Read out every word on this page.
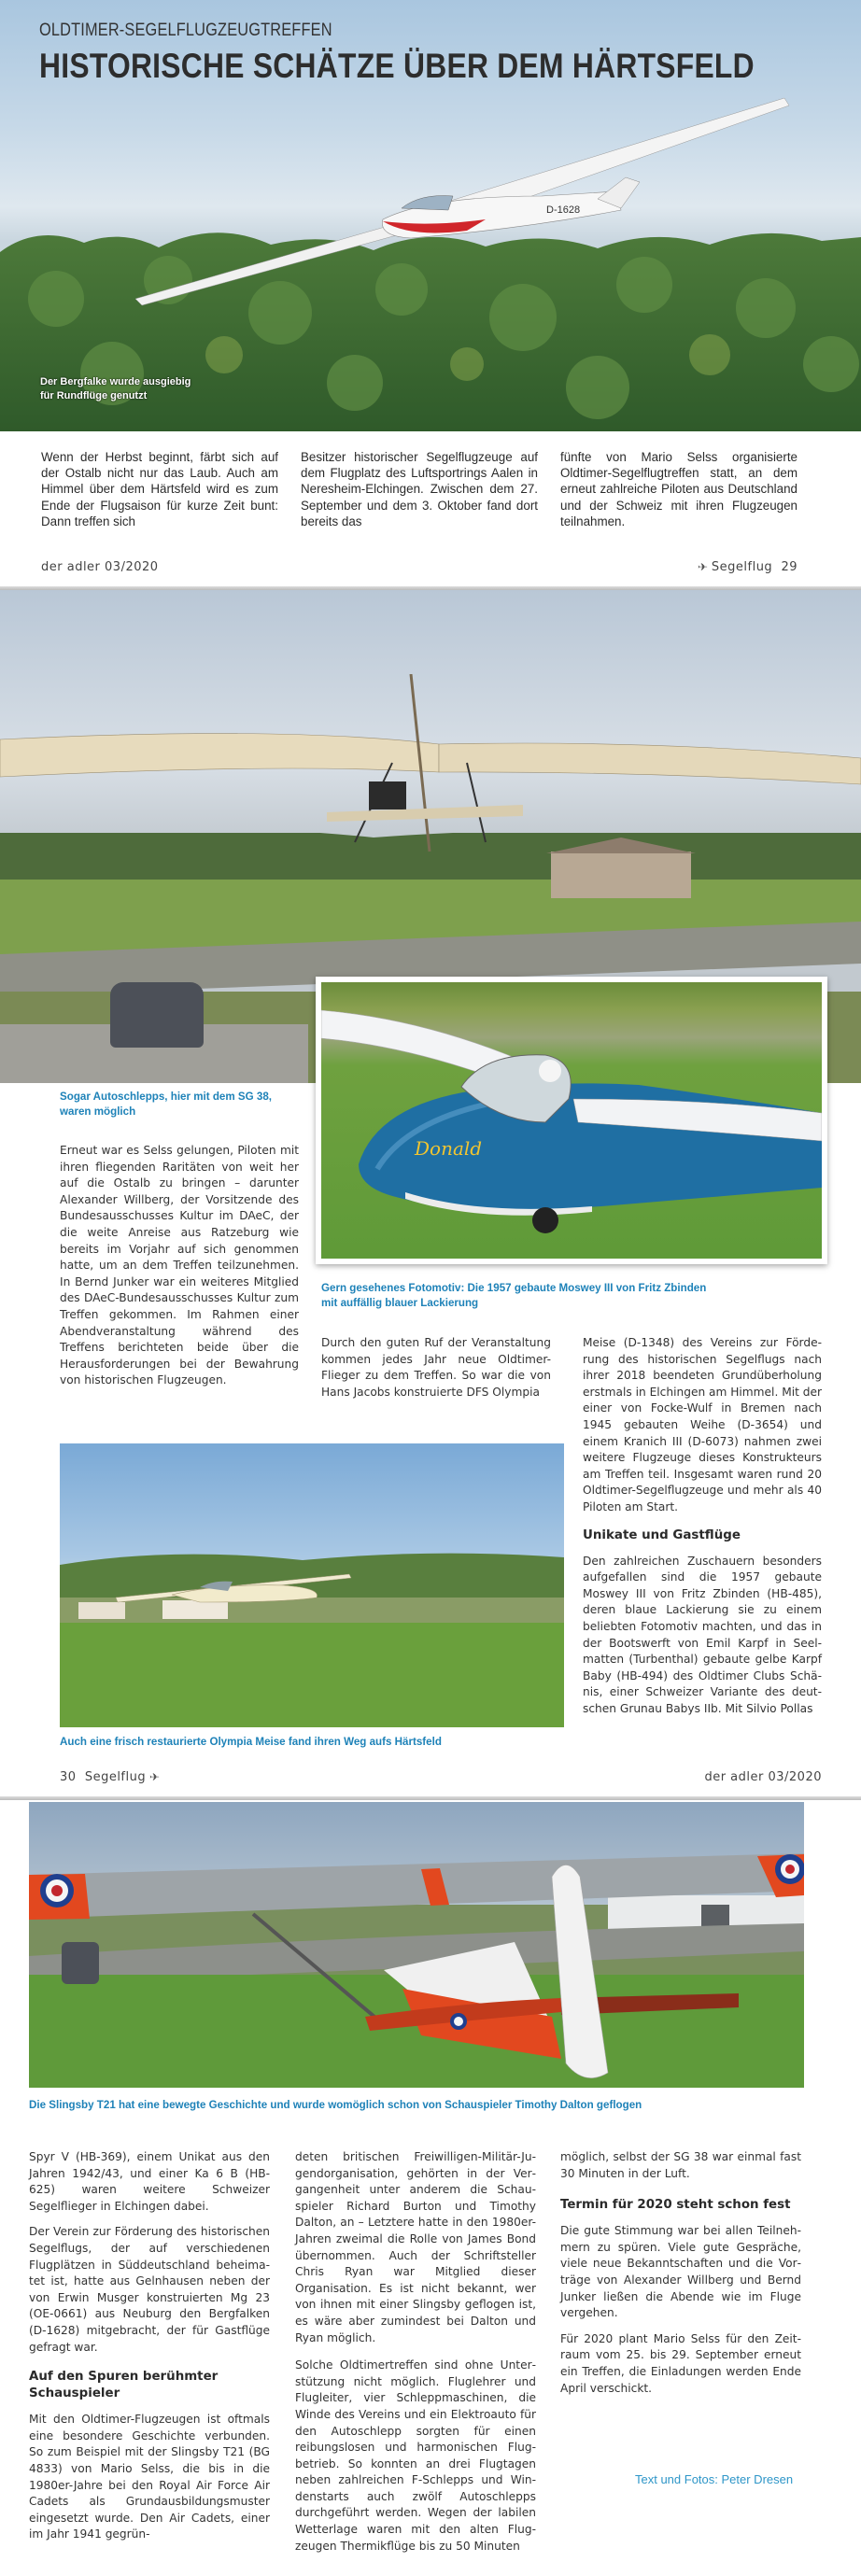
D-1628
OLDTIMER-SEGELFLUGZEUGTREFFEN
HISTORISCHE SCHÄTZE ÜBER DEM HÄRTSFELD
Der Bergfalke wurde ausgiebig
für Rundflüge genutzt
Wenn der Herbst beginnt, färbt sich auf der Ostalb nicht nur das Laub. Auch am Himmel über dem Härtsfeld wird es zum Ende der Flugsaison für kurze Zeit bunt: Dann treffen sich
Besitzer historischer Segelflugzeuge auf dem Flugplatz des Luftsportrings Aalen in Neresheim-Elchingen. Zwischen dem 27. September und dem 3. Oktober fand dort bereits das
fünfte von Mario Selss organisierte Oldtimer-Segelflugtreffen statt, an dem erneut zahlreiche Piloten aus Deutschland und der Schweiz mit ihren Flugzeugen teilnahmen.
der adler 03/2020	✈ Segelflug 29
Sogar Autoschlepps, hier mit dem SG 38,
waren möglich
Donald
Gern gesehenes Fotomotiv: Die 1957 gebaute Moswey III von Fritz Zbinden
mit auffällig blauer Lackierung
Erneut war es Selss gelungen, Piloten mit ihren fliegenden Raritäten von weit her auf die Ostalb zu bringen – darunter Alexander Willberg, der Vorsitzende des Bundesausschusses Kultur im DAeC, der die weite Anreise aus Ratzeburg wie bereits im Vorjahr auf sich genommen hatte, um an dem Treffen teilzunehmen. In Bernd Junker war ein weiteres Mitglied des DAeC-Bundesausschusses Kultur zum Treffen gekommen. Im Rahmen einer Abendveranstaltung während des Treffens berichteten beide über die Herausforderungen bei der Bewahrung von historischen Flugzeugen.
Durch den guten Ruf der Veranstaltung kommen jedes Jahr neue Oldtimer-Flieger zu dem Treffen. So war die von Hans Jacobs konstruierte DFS Olympia
Meise (D-1348) des Vereins zur Förderung des historischen Segelflugs nach ihrer 2018 beendeten Grundüberholung erstmals in Elchingen am Himmel. Mit der einer von Focke-Wulf in Bremen nach 1945 gebauten Weihe (D-3654) und einem Kranich III (D-6073) nahmen zwei weitere Flugzeuge dieses Konstrukteurs am Treffen teil. Insgesamt waren rund 20 Oldtimer-Segelflugzeuge und mehr als 40 Piloten am Start.
Unikate und Gastflüge
Den zahlreichen Zuschauern besonders aufgefallen sind die 1957 gebaute Moswey III von Fritz Zbinden (HB-485), deren blaue Lackierung sie zu einem beliebten Fotomotiv machten, und das in der Bootswerft von Emil Karpf in Seelmatten (Turbenthal) gebaute gelbe Karpf Baby (HB-494) des Oldtimer Clubs Schänis, einer Schweizer Variante des deutschen Grunau Babys IIb. Mit Silvio Pollas
Auch eine frisch restaurierte Olympia Meise fand ihren Weg aufs Härtsfeld
30 Segelflug ✈	der adler 03/2020
Die Slingsby T21 hat eine bewegte Geschichte und wurde womöglich schon von Schauspieler Timothy Dalton geflogen
Spyr V (HB-369), einem Unikat aus den Jahren 1942/43, und einer Ka 6 B (HB-625) waren weitere Schweizer Segelflieger in Elchingen dabei.
Der Verein zur Förderung des historischen Segelflugs, der auf verschiedenen Flugplätzen in Süddeutschland beheimatet ist, hatte aus Gelnhausen neben der von Erwin Musger konstruierten Mg 23 (OE-0661) aus Neuburg den Bergfalken (D-1628) mitgebracht, der für Gastflüge gefragt war.
Auf den Spuren berühmter Schauspieler
Mit den Oldtimer-Flugzeugen ist oftmals eine besondere Geschichte verbunden. So zum Beispiel mit der Slingsby T21 (BG 4833) von Mario Selss, die bis in die 1980er-Jahre bei den Royal Air Force Air Cadets als Grundausbildungsmuster eingesetzt wurde. Den Air Cadets, einer im Jahr 1941 gegrün-
deten britischen Freiwilligen-Militär-Jugendorganisation, gehörten in der Vergangenheit unter anderem die Schauspieler Richard Burton und Timothy Dalton, an – Letztere hatte in den 1980er-Jahren zweimal die Rolle von James Bond übernommen. Auch der Schriftsteller Chris Ryan war Mitglied dieser Organisation. Es ist nicht bekannt, wer von ihnen mit einer Slingsby geflogen ist, es wäre aber zumindest bei Dalton und Ryan möglich.
Solche Oldtimertreffen sind ohne Unterstützung nicht möglich. Fluglehrer und Flugleiter, vier Schleppmaschinen, die Winde des Vereins und ein Elektroauto für den Autoschlepp sorgten für einen reibungslosen und harmonischen Flugbetrieb. So konnten an drei Flugtagen neben zahlreichen F-Schlepps und Windenstarts auch zwölf Autoschlepps durchgeführt werden. Wegen der labilen Wetterlage waren mit den alten Flugzeugen Thermikflüge bis zu 50 Minuten
möglich, selbst der SG 38 war einmal fast 30 Minuten in der Luft.
Termin für 2020 steht schon fest
Die gute Stimmung war bei allen Teilnehmern zu spüren. Viele gute Gespräche, viele neue Bekanntschaften und die Vorträge von Alexander Willberg und Bernd Junker ließen die Abende wie im Fluge vergehen.
Für 2020 plant Mario Selss für den Zeitraum vom 25. bis 29. September erneut ein Treffen, die Einladungen werden Ende April verschickt.
Text und Fotos: Peter Dresen
